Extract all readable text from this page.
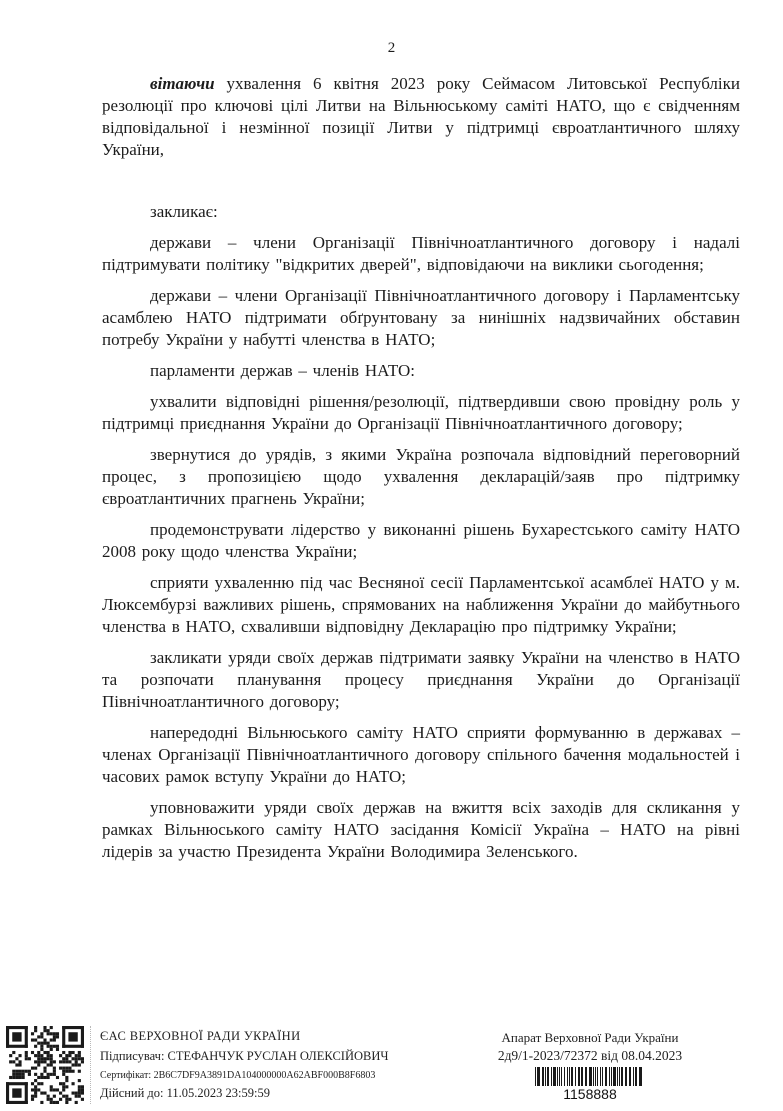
2

вітаючи ухвалення 6 квітня 2023 року Сеймасом Литовської Республіки резолюції про ключові цілі Литви на Вільнюському саміті НАТО, що є свідченням відповідальної і незмінної позиції Литви у підтримці євроатлантичного шляху України,

закликає:

держави – члени Організації Північноатлантичного договору і надалі підтримувати політику "відкритих дверей", відповідаючи на виклики сьогодення;

держави – члени Організації Північноатлантичного договору і Парламентську асамблею НАТО підтримати обґрунтовану за нинішніх надзвичайних обставин потребу України у набутті членства в НАТО;

парламенти держав – членів НАТО:

ухвалити відповідні рішення/резолюції, підтвердивши свою провідну роль у підтримці приєднання України до Організації Північноатлантичного договору;

звернутися до урядів, з якими Україна розпочала відповідний переговорний процес, з пропозицією щодо ухвалення декларацій/заяв про підтримку євроатлантичних прагнень України;

продемонструвати лідерство у виконанні рішень Бухарестського саміту НАТО 2008 року щодо членства України;

сприяти ухваленню під час Весняної сесії Парламентської асамблеї НАТО у м. Люксембурзі важливих рішень, спрямованих на наближення України до майбутнього членства в НАТО, схваливши відповідну Декларацію про підтримку України;

закликати уряди своїх держав підтримати заявку України на членство в НАТО та розпочати планування процесу приєднання України до Організації Північноатлантичного договору;

напередодні Вільнюського саміту НАТО сприяти формуванню в державах – членах Організації Північноатлантичного договору спільного бачення модальностей і часових рамок вступу України до НАТО;

уповноважити уряди своїх держав на вжиття всіх заходів для скликання у рамках Вільнюського саміту НАТО засідання Комісії Україна – НАТО на рівні лідерів за участю Президента України Володимира Зеленського.

ЄАС ВЕРХОВНОЇ РАДИ УКРАЇНИ
Підписувач: СТЕФАНЧУК РУСЛАН ОЛЕКСІЙОВИЧ
Сертифікат: 2B6C7DF9A3891DA104000000A62ABF000B8F6803
Дійсний до: 11.05.2023 23:59:59
Апарат Верховної Ради України
2д9/1-2023/72372 від 08.04.2023
1158888
